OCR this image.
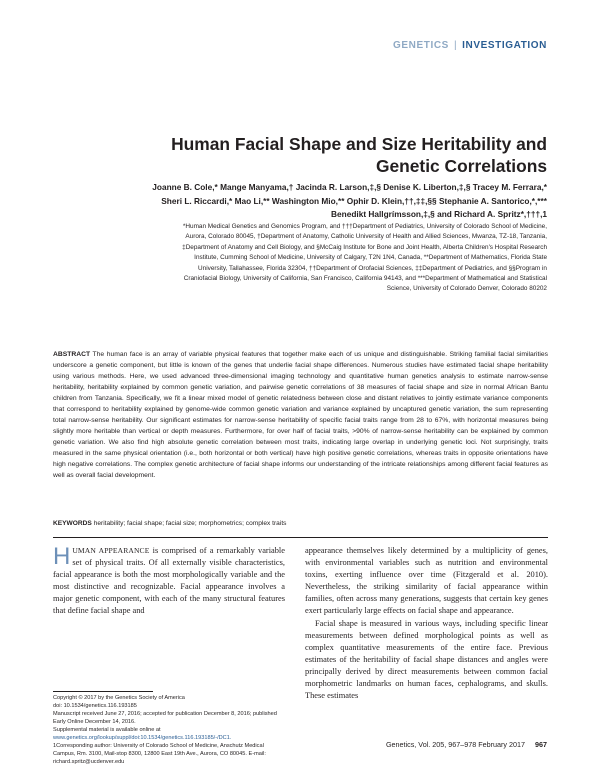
GENETICS | INVESTIGATION
Human Facial Shape and Size Heritability and
Genetic Correlations
Joanne B. Cole,* Mange Manyama,† Jacinda R. Larson,‡,§ Denise K. Liberton,‡,§ Tracey M. Ferrara,*
Sheri L. Riccardi,* Mao Li,** Washington Mio,** Ophir D. Klein,††,‡‡,§§ Stephanie A. Santorico,*,***
Benedikt Hallgrímsson,‡,§ and Richard A. Spritz*,†††,1
*Human Medical Genetics and Genomics Program, and †††Department of Pediatrics, University of Colorado School of Medicine,
Aurora, Colorado 80045, †Department of Anatomy, Catholic University of Health and Allied Sciences, Mwanza, TZ-18, Tanzania,
‡Department of Anatomy and Cell Biology, and §McCaig Institute for Bone and Joint Health, Alberta Children's Hospital Research
Institute, Cumming School of Medicine, University of Calgary, T2N 1N4, Canada, **Department of Mathematics, Florida State
University, Tallahassee, Florida 32304, ††Department of Orofacial Sciences, ‡‡Department of Pediatrics, and §§Program in
Craniofacial Biology, University of California, San Francisco, California 94143, and ***Department of Mathematical and Statistical
Science, University of Colorado Denver, Colorado 80202
ABSTRACT The human face is an array of variable physical features that together make each of us unique and distinguishable. Striking familial facial similarities underscore a genetic component, but little is known of the genes that underlie facial shape differences. Numerous studies have estimated facial shape heritability using various methods. Here, we used advanced three-dimensional imaging technology and quantitative human genetics analysis to estimate narrow-sense heritability, heritability explained by common genetic variation, and pairwise genetic correlations of 38 measures of facial shape and size in normal African Bantu children from Tanzania. Specifically, we fit a linear mixed model of genetic relatedness between close and distant relatives to jointly estimate variance components that correspond to heritability explained by genome-wide common genetic variation and variance explained by uncaptured genetic variation, the sum representing total narrow-sense heritability. Our significant estimates for narrow-sense heritability of specific facial traits range from 28 to 67%, with horizontal measures being slightly more heritable than vertical or depth measures. Furthermore, for over half of facial traits, >90% of narrow-sense heritability can be explained by common genetic variation. We also find high absolute genetic correlation between most traits, indicating large overlap in underlying genetic loci. Not surprisingly, traits measured in the same physical orientation (i.e., both horizontal or both vertical) have high positive genetic correlations, whereas traits in opposite orientations have high negative correlations. The complex genetic architecture of facial shape informs our understanding of the intricate relationships among different facial features as well as overall facial development.
KEYWORDS heritability; facial shape; facial size; morphometrics; complex traits

HUMAN APPEARANCE is comprised of a remarkably variable set of physical traits. Of all externally visible characteristics, facial appearance is both the most morphologically variable and the most distinctive and recognizable. Facial appearance involves a major genetic component, with each of the many structural features that define facial shape and

appearance themselves likely determined by a multiplicity of genes, with environmental variables such as nutrition and environmental toxins, exerting influence over time (Fitzgerald et al. 2010). Nevertheless, the striking similarity of facial appearance within families, often across many generations, suggests that certain key genes exert particularly large effects on facial shape and appearance.

Facial shape is measured in various ways, including specific linear measurements between defined morphological points as well as complex quantitative measurements of the entire face. Previous estimates of the heritability of facial shape distances and angles were principally derived by direct measurements between common facial morphometric landmarks on human faces, cephalograms, and skulls. These estimates

Copyright © 2017 by the Genetics Society of America
doi: 10.1534/genetics.116.193185
Manuscript received June 27, 2016; accepted for publication December 8, 2016; published Early Online December 14, 2016.
Supplemental material is available online at www.genetics.org/lookup/suppl/doi:10.1534/genetics.116.193185/-/DC1.
1Corresponding author: University of Colorado School of Medicine, Anschutz Medical Campus, Rm. 3100, Mail-stop 8300, 12800 East 19th Ave., Aurora, CO 80045. E-mail: richard.spritz@ucdenver.edu
Genetics, Vol. 205, 967–978 February 2017 967
